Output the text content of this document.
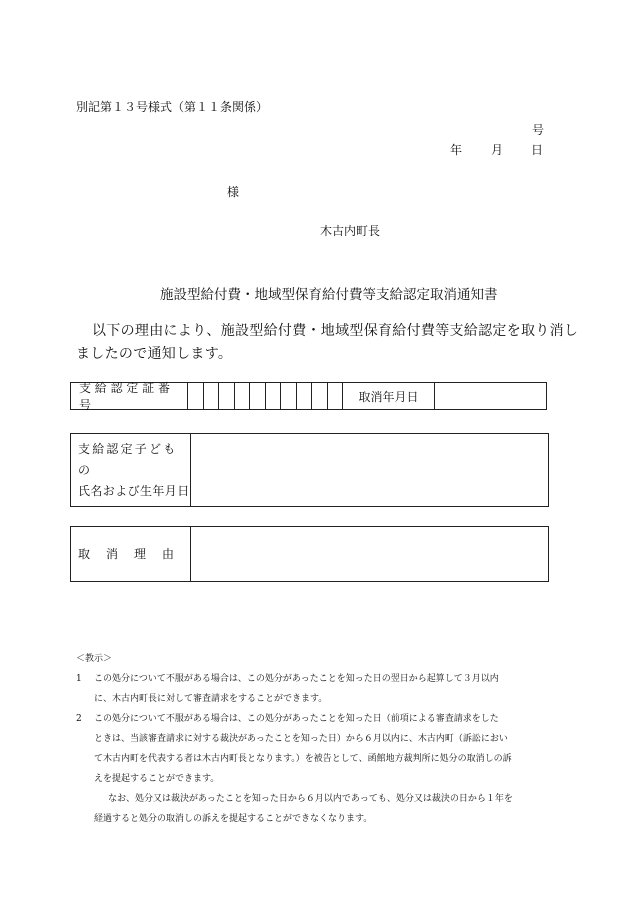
別記第１３号様式（第１１条関係）
号
年 月 日
様
木古内町長
施設型給付費・地域型保育給付費等支給認定取消通知書
以下の理由により、施設型給付費・地域型保育給付費等支給認定を取り消し
ましたので通知します。
支給認定証番号
取消年月日
支給認定子どもの
氏名および生年月日
取　消　理　由
＜教示＞
1	この処分について不服がある場合は、この処分があったことを知った日の翌日から起算して３月以内
に、木古内町長に対して審査請求をすることができます。
2	この処分について不服がある場合は、この処分があったことを知った日（前項による審査請求をした
ときは、当該審査請求に対する裁決があったことを知った日）から６月以内に、木古内町（訴訟におい
て木古内町を代表する者は木古内町長となります。）を被告として、函館地方裁判所に処分の取消しの訴
えを提起することができます。
なお、処分又は裁決があったことを知った日から６月以内であっても、処分又は裁決の日から１年を
経過すると処分の取消しの訴えを提起することができなくなります。
